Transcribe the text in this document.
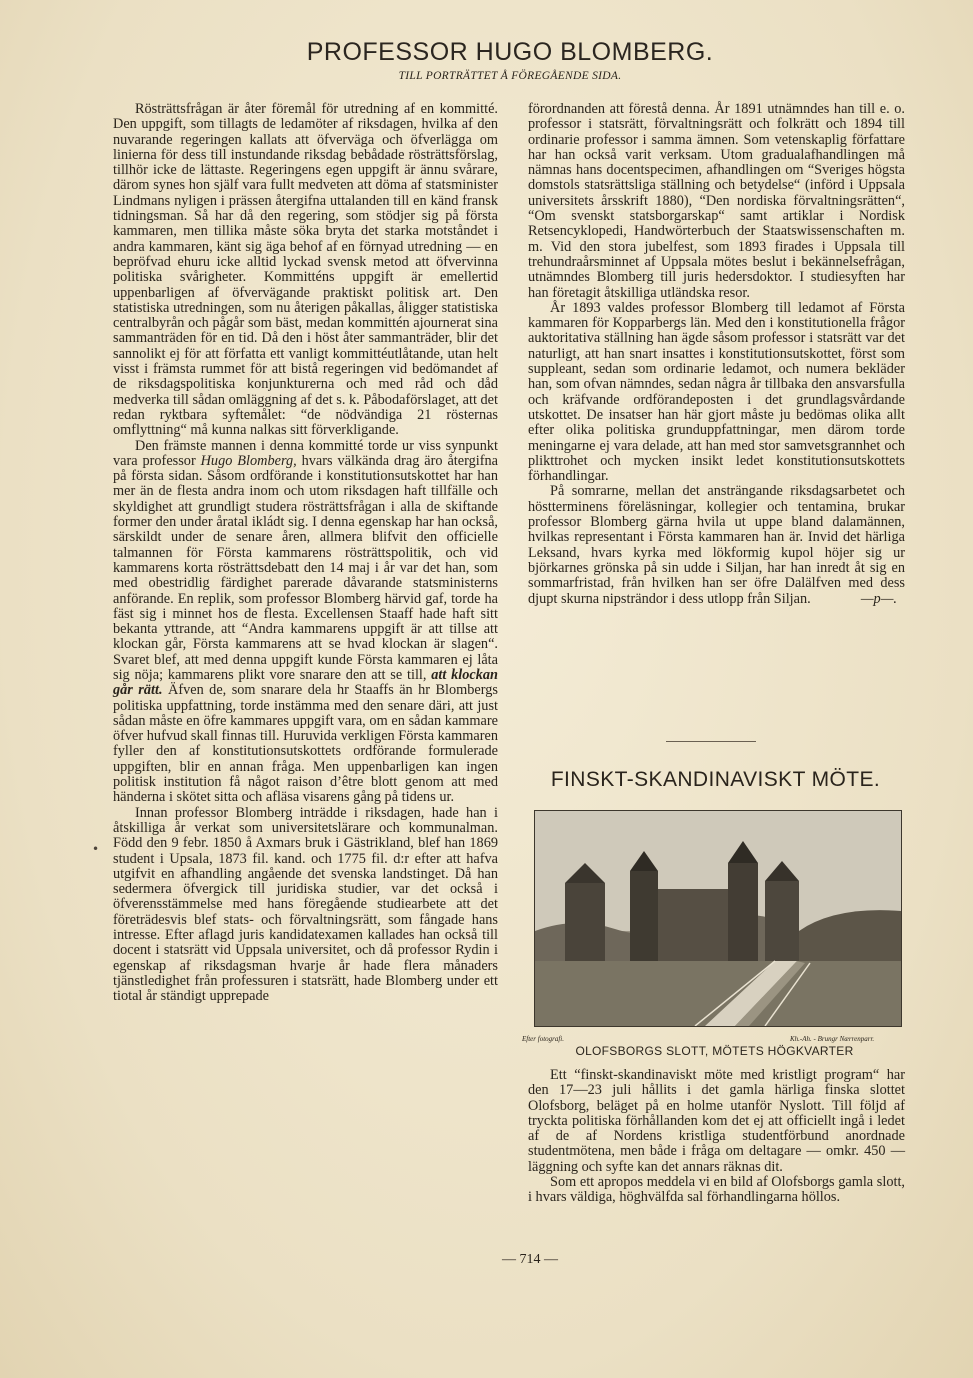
PROFESSOR HUGO BLOMBERG.
TILL PORTRÄTTET Å FÖREGÅENDE SIDA.

Rösträttsfrågan är åter föremål för utredning af en kommitté. Den uppgift, som tillagts de ledamöter af riksdagen, hvilka af den nuvarande regeringen kallats att öfverväga och öfverlägga om linierna för dess till instundande riksdag bebådade rösträttsförslag, tillhör icke de lättaste. Regeringens egen uppgift är ännu svårare, därom synes hon själf vara fullt medveten att döma af statsminister Lindmans nyligen i prässen återgifna uttalanden till en känd fransk tidningsman. Så har då den regering, som stödjer sig på första kammaren, men tillika måste söka bryta det starka motståndet i andra kammaren, känt sig äga behof af en förnyad utredning — en bepröfvad ehuru icke alltid lyckad svensk metod att öfvervinna politiska svårigheter. Kommitténs uppgift är emellertid uppenbarligen af öfvervägande praktiskt politisk art. Den statistiska utredningen, som nu återigen påkallas, åligger statistiska centralbyrån och pågår som bäst, medan kommittén ajournerat sina sammanträden för en tid. Då den i höst åter sammanträder, blir det sannolikt ej för att författa ett vanligt kommittéutlåtande, utan helt visst i främsta rummet för att bistå regeringen vid bedömandet af de riksdagspolitiska konjunkturerna och med råd och dåd medverka till sådan omläggning af det s. k. Påbodaförslaget, att det redan ryktbara syftemålet: “de nödvändiga 21 rösternas omflyttning“ må kunna nalkas sitt förverkligande.

Den främste mannen i denna kommitté torde ur viss synpunkt vara professor Hugo Blomberg, hvars välkända drag äro återgifna på första sidan. Såsom ordförande i konstitutionsutskottet har han mer än de flesta andra inom och utom riksdagen haft tillfälle och skyldighet att grundligt studera rösträttsfrågan i alla de skiftande former den under åratal ikládt sig. I denna egenskap har han också, särskildt under de senare åren, allmera blifvit den officielle talmannen för Första kammarens rösträttspolitik, och vid kammarens korta rösträttsdebatt den 14 maj i år var det han, som med obestridlig färdighet parerade dåvarande statsministerns anförande. En replik, som professor Blomberg härvid gaf, torde ha fäst sig i minnet hos de flesta. Excellensen Staaff hade haft sitt bekanta yttrande, att “Andra kammarens uppgift är att tillse att klockan går, Första kammarens att se hvad klockan är slagen“. Svaret blef, att med denna uppgift kunde Första kammaren ej låta sig nöja; kammarens plikt vore snarare den att se till, att klockan går rätt. Äfven de, som snarare dela hr Staaffs än hr Blombergs politiska uppfattning, torde instämma med den senare däri, att just sådan måste en öfre kammares uppgift vara, om en sådan kammare öfver hufvud skall finnas till. Huruvida verkligen Första kammaren fyller den af konstitutionsutskottets ordförande formulerade uppgiften, blir en annan fråga. Men uppenbarligen kan ingen politisk institution få något raison d’être blott genom att med händerna i skötet sitta och afläsa visarens gång på tidens ur.

Innan professor Blomberg inträdde i riksdagen, hade han i åtskilliga år verkat som universitetslärare och kommunalman. Född den 9 febr. 1850 å Axmars bruk i Gästrikland, blef han 1869 student i Upsala, 1873 fil. kand. och 1775 fil. d:r efter att hafva utgifvit en afhandling angående det svenska landstinget. Då han sedermera öfvergick till juridiska studier, var det också i öfverensstämmelse med hans föregående studiearbete att det företrädesvis blef stats- och förvaltningsrätt, som fångade hans intresse. Efter aflagd juris kandidatexamen kallades han också till docent i statsrätt vid Uppsala universitet, och då professor Rydin i egenskap af riksdagsman hvarje år hade flera månaders tjänstledighet från professuren i statsrätt, hade Blomberg under ett tiotal år ständigt upprepade

•

förordnanden att förestå denna. År 1891 utnämndes han till e. o. professor i statsrätt, förvaltningsrätt och folkrätt och 1894 till ordinarie professor i samma ämnen. Som vetenskaplig författare har han också varit verksam. Utom gradualafhandlingen må nämnas hans docentspecimen, afhandlingen om “Sveriges högsta domstols statsrättsliga ställning och betydelse“ (införd i Uppsala universitets årsskrift 1880), “Den nordiska förvaltningsrätten“, “Om svenskt statsborgarskap“ samt artiklar i Nordisk Retsencyklopedi, Handwörterbuch der Staatswissenschaften m. m. Vid den stora jubelfest, som 1893 firades i Uppsala till trehundraårsminnet af Uppsala mötes beslut i bekännelsefrågan, utnämndes Blomberg till juris hedersdoktor. I studiesyften har han företagit åtskilliga utländska resor.

År 1893 valdes professor Blomberg till ledamot af Första kammaren för Kopparbergs län. Med den i konstitutionella frågor auktoritativa ställning han ägde såsom professor i statsrätt var det naturligt, att han snart insattes i konstitutionsutskottet, först som suppleant, sedan som ordinarie ledamot, och numera bekläder han, som ofvan nämndes, sedan några år tillbaka den ansvarsfulla och kräfvande ordförandeposten i det grundlagsvårdande utskottet. De insatser han här gjort måste ju bedömas olika allt efter olika politiska grunduppfattningar, men därom torde meningarne ej vara delade, att han med stor samvetsgrannhet och plikttrohet och mycken insikt ledet konstitutionsutskottets förhandlingar.

På somrarne, mellan det ansträngande riksdagsarbetet och höstterminens föreläsningar, kollegier och tentamina, brukar professor Blomberg gärna hvila ut uppe bland dalamännen, hvilkas representant i Första kammaren han är. Invid det härliga Leksand, hvars kyrka med lökformig kupol höjer sig ur björkarnes grönska på sin udde i Siljan, har han inredt åt sig en sommarfristad, från hvilken han ser öfre Dalälfven med dess djupt skurna nipsträndor i dess utlopp från Siljan.	—p—.
FINSKT-SKANDINAVISKT MÖTE.
Efter fotografi.	Kh.-Ah. - Brungr Nærrenparr.
OLOFSBORGS SLOTT, MÖTETS HÖGKVARTER

Ett “finskt-skandinaviskt möte med kristligt program“ har den 17—23 juli hållits i det gamla härliga finska slottet Olofsborg, beläget på en holme utanför Nyslott. Till följd af tryckta politiska förhållanden kom det ej att officiellt ingå i ledet af de af Nordens kristliga studentförbund anordnade studentmötena, men både i fråga om deltagare — omkr. 450 — läggning och syfte kan det annars räknas dit.

Som ett apropos meddela vi en bild af Olofsborgs gamla slott, i hvars väldiga, höghvälfda sal förhandlingarna höllos.

— 714 —
